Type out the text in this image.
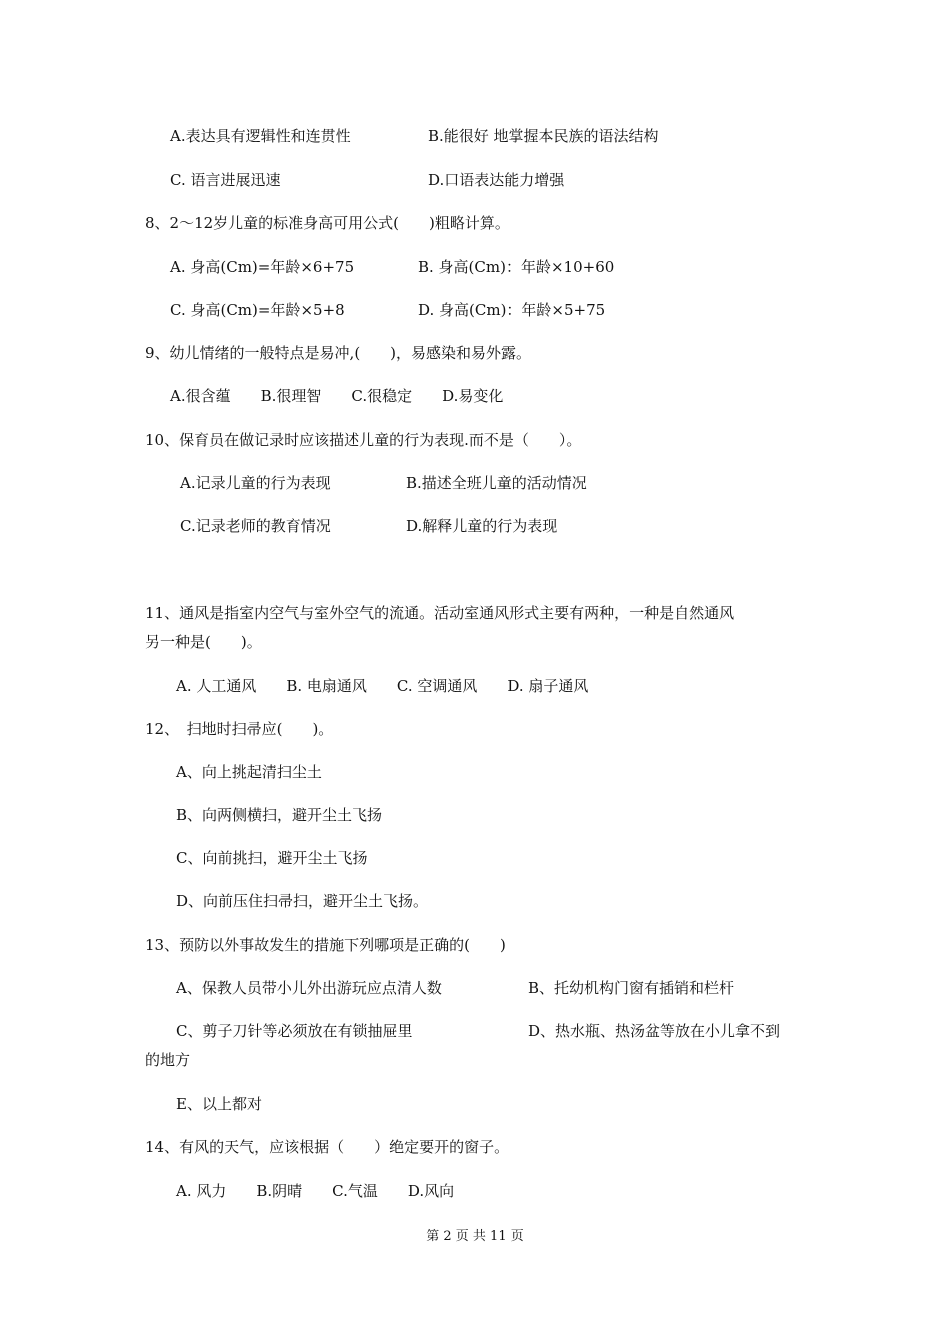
A.表达具有逻辑性和连贯性	B.能很好 地掌握本民族的语法结构
C. 语言进展迅速	D.口语表达能力增强
8、2～12岁儿童的标准身高可用公式(　　)粗略计算。
A. 身高(Cm)=年龄×6+75	B. 身高(Cm)：年龄×10+60
C. 身高(Cm)=年龄×5+8	D. 身高(Cm)：年龄×5+75
9、幼儿情绪的一般特点是易冲,(　　)，易感染和易外露。
A.很含蕴　　B.很理智　　C.很稳定　　D.易变化
10、保育员在做记录时应该描述儿童的行为表现.而不是（　　）。
A.记录儿童的行为表现	B.描述全班儿童的活动情况
C.记录老师的教育情况	D.解释儿童的行为表现
11、通风是指室内空气与室外空气的流通。活动室通风形式主要有两种，一种是自然通风
另一种是(　　)。
A. 人工通风　　B. 电扇通风　　C. 空调通风　　D. 扇子通风
12、　扫地时扫帚应(　　)。
A、向上挑起清扫尘土
B、向两侧横扫，避开尘土飞扬
C、向前挑扫，避开尘土飞扬
D、向前压住扫帚扫，避开尘土飞扬。
13、预防以外事故发生的措施下列哪项是正确的(　　)
A、保教人员带小儿外出游玩应点清人数	B、托幼机构门窗有插销和栏杆
C、剪子刀针等必须放在有锁抽屉里	D、热水瓶、热汤盆等放在小儿拿不到
的地方
E、以上都对
14、有风的天气，应该根据（　　）绝定要开的窗子。
A. 风力　　B.阴晴　　C.气温　　D.风向
第 2 页 共 11 页
